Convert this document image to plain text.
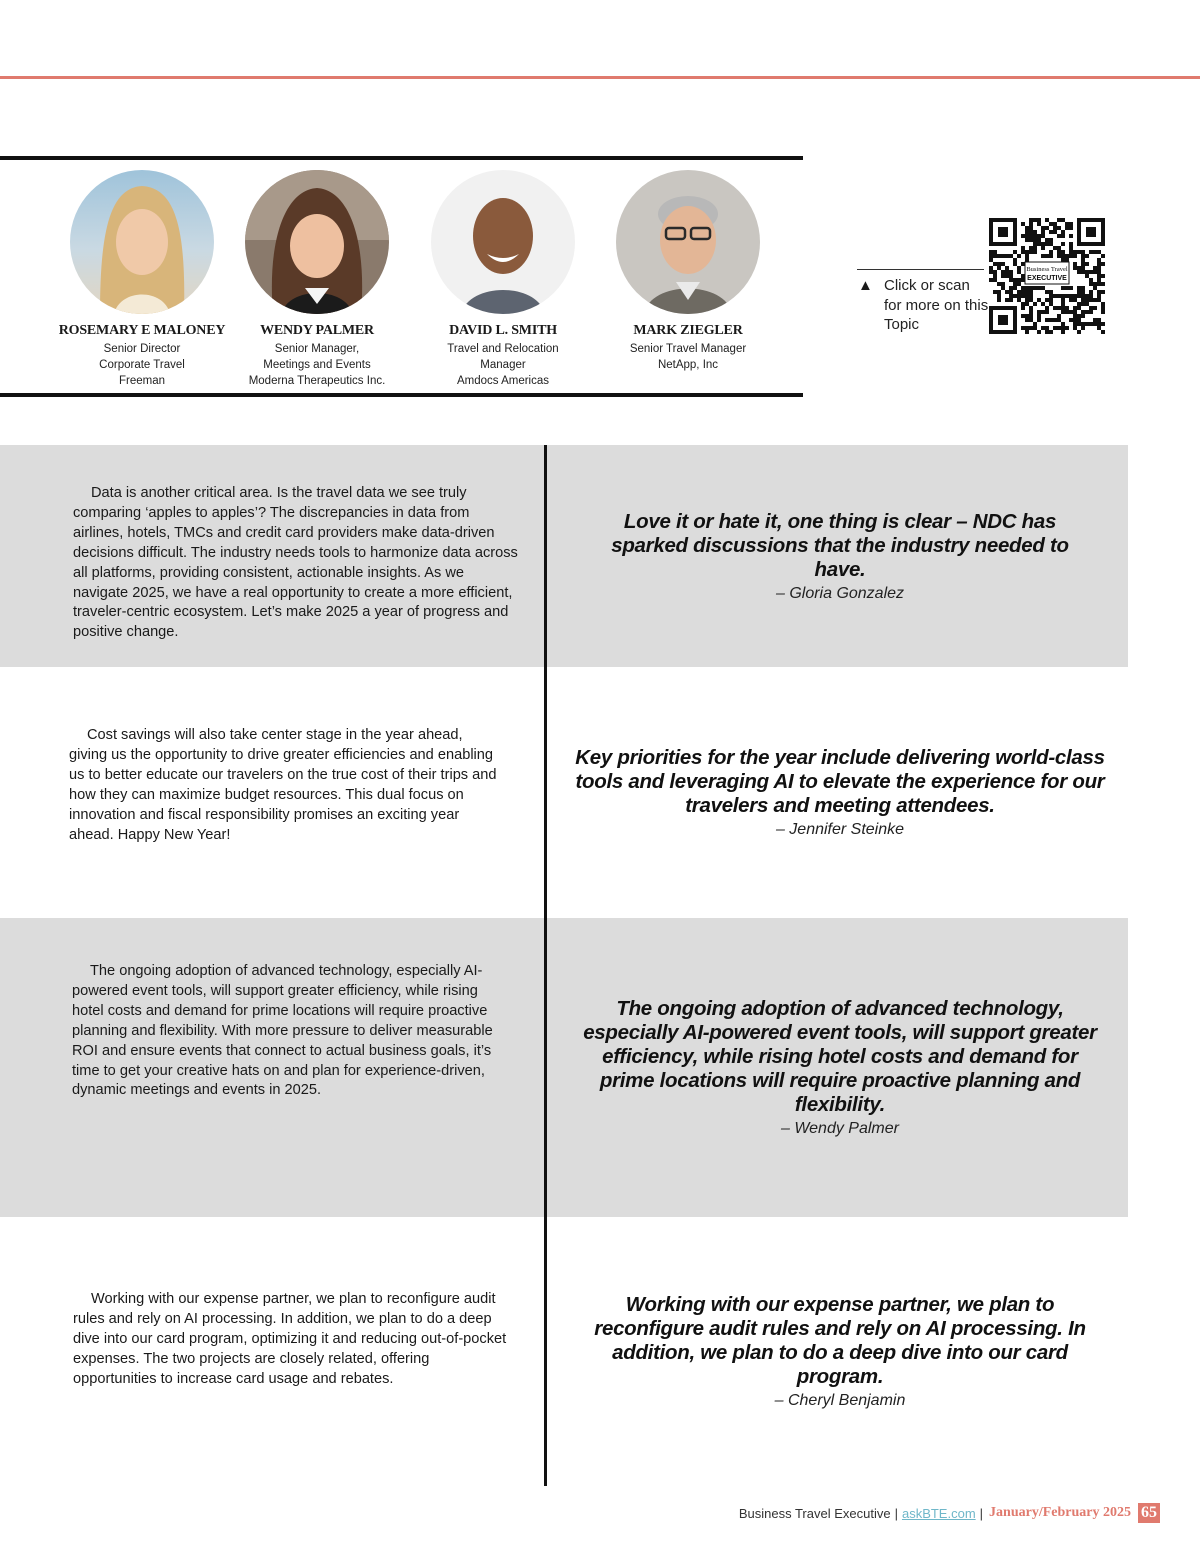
ROSEMARY E MALONEY
Senior Director
Corporate Travel
Freeman
WENDY PALMER
Senior Manager,
Meetings and Events
Moderna Therapeutics Inc.
DAVID L. SMITH
Travel and Relocation
Manager
Amdocs Americas
MARK ZIEGLER
Senior Travel Manager
NetApp, Inc
▲ Click or scan for more on this Topic
Business Travel
EXECUTIVE

Data is another critical area. Is the travel data we see truly comparing ‘apples to apples’? The discrepancies in data from airlines, hotels, TMCs and credit card providers make data-driven decisions difficult. The industry needs tools to harmonize data across all platforms, providing consistent, actionable insights. As we navigate 2025, we have a real opportunity to create a more efficient, traveler-centric ecosystem. Let’s make 2025 a year of progress and positive change.

Love it or hate it, one thing is clear – NDC has sparked discussions that the industry needed to have.
– Gloria Gonzalez

Cost savings will also take center stage in the year ahead, giving us the opportunity to drive greater efficiencies and enabling us to better educate our travelers on the true cost of their trips and how they can maximize budget resources. This dual focus on innovation and fiscal responsibility promises an exciting year ahead. Happy New Year!

Key priorities for the year include delivering world-class tools and leveraging AI to elevate the experience for our travelers and meeting attendees.
– Jennifer Steinke

The ongoing adoption of advanced technology, especially AI-powered event tools, will support greater efficiency, while rising hotel costs and demand for prime locations will require proactive planning and flexibility. With more pressure to deliver measurable ROI and ensure events that connect to actual business goals, it’s time to get your creative hats on and plan for experience-driven, dynamic meetings and events in 2025.

The ongoing adoption of advanced technology, especially AI-powered event tools, will support greater efficiency, while rising hotel costs and demand for prime locations will require proactive planning and flexibility.
– Wendy Palmer

Working with our expense partner, we plan to reconfigure audit rules and rely on AI processing. In addition, we plan to do a deep dive into our card program, optimizing it and reducing out-of-pocket expenses. The two projects are closely related, offering opportunities to increase card usage and rebates.

Working with our expense partner, we plan to reconfigure audit rules and rely on AI processing. In addition, we plan to do a deep dive into our card program.
– Cheryl Benjamin
Business Travel Executive | askBTE.com | January/February 2025 65
